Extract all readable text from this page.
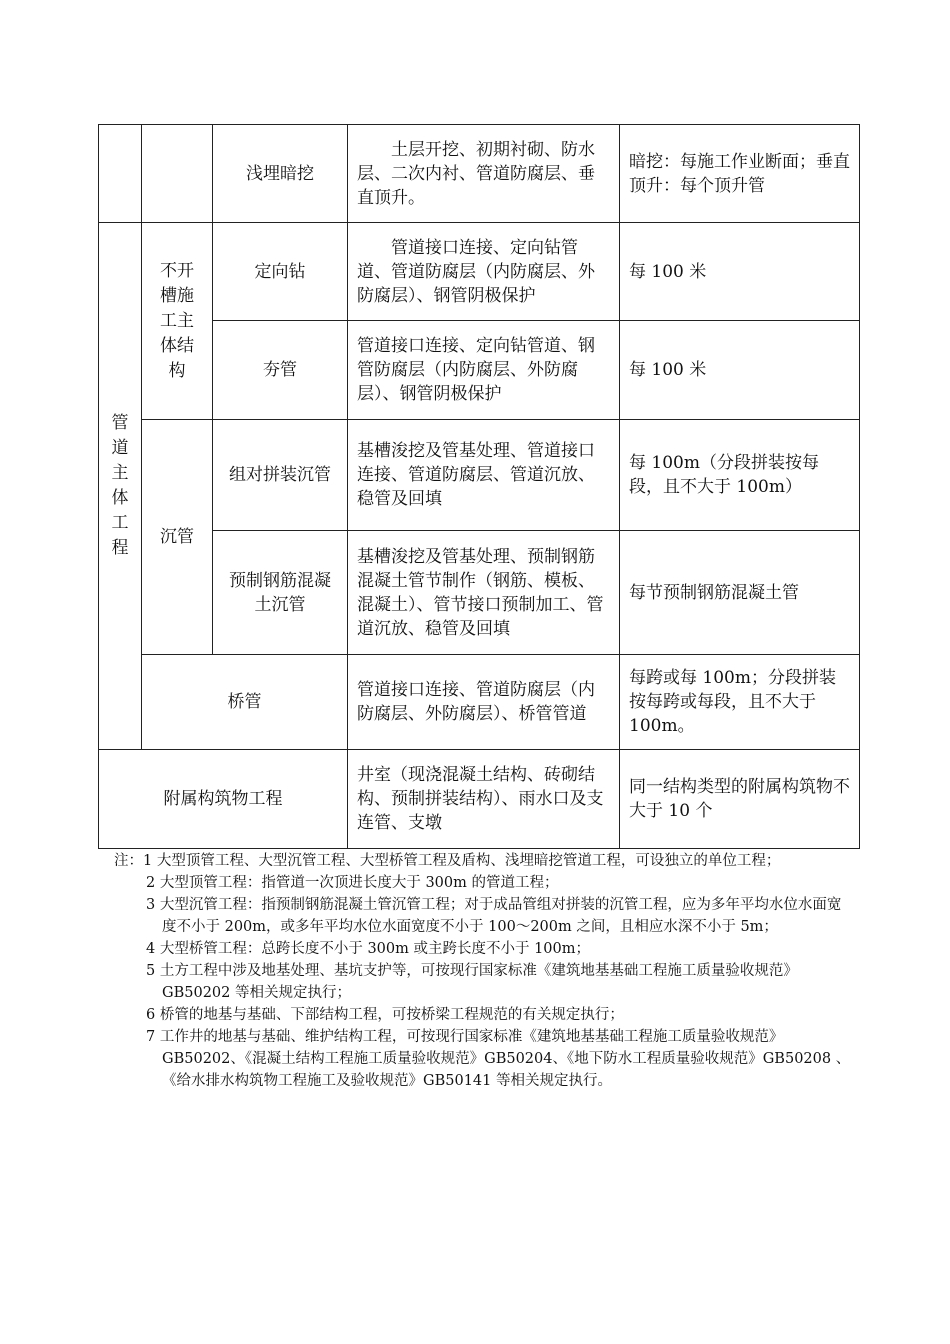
		浅埋暗挖	土层开挖、初期衬砌、防水层、二次内衬、管道防腐层、垂直顶升。	暗挖：每施工作业断面；垂直顶升：每个顶升管

管道主体工程	不开槽施工主体结构	定向钻	管道接口连接、定向钻管道、管道防腐层（内防腐层、外防腐层）、钢管阴极保护	每 100 米
		夯管	管道接口连接、定向钻管道、钢管防腐层（内防腐层、外防腐层）、钢管阴极保护	每 100 米
	沉管	组对拼装沉管	基槽浚挖及管基处理、管道接口连接、管道防腐层、管道沉放、稳管及回填	每 100m（分段拼装按每段，且不大于 100m）
		预制钢筋混凝土沉管	基槽浚挖及管基处理、预制钢筋混凝土管节制作（钢筋、模板、混凝土）、管节接口预制加工、管道沉放、稳管及回填	每节预制钢筋混凝土管
	桥管		管道接口连接、管道防腐层（内防腐层、外防腐层）、桥管管道	每跨或每 100m；分段拼装按每跨或每段，且不大于 100m。
附属构筑物工程			井室（现浇混凝土结构、砖砌结构、预制拼装结构）、雨水口及支连管、支墩	同一结构类型的附属构筑物不大于 10 个
注：1 大型顶管工程、大型沉管工程、大型桥管工程及盾构、浅埋暗挖管道工程，可设独立的单位工程；
2 大型顶管工程：指管道一次顶进长度大于 300m 的管道工程；
3 大型沉管工程：指预制钢筋混凝土管沉管工程；对于成品管组对拼装的沉管工程，应为多年平均水位水面宽度不小于 200m，或多年平均水位水面宽度不小于 100～200m 之间，且相应水深不小于 5m；
4 大型桥管工程：总跨长度不小于 300m 或主跨长度不小于 100m；
5 土方工程中涉及地基处理、基坑支护等，可按现行国家标准《建筑地基基础工程施工质量验收规范》GB50202 等相关规定执行；
6 桥管的地基与基础、下部结构工程，可按桥梁工程规范的有关规定执行；
7 工作井的地基与基础、维护结构工程，可按现行国家标准《建筑地基基础工程施工质量验收规范》GB50202、《混凝土结构工程施工质量验收规范》GB50204、《地下防水工程质量验收规范》GB50208 、《给水排水构筑物工程施工及验收规范》GB50141 等相关规定执行。
